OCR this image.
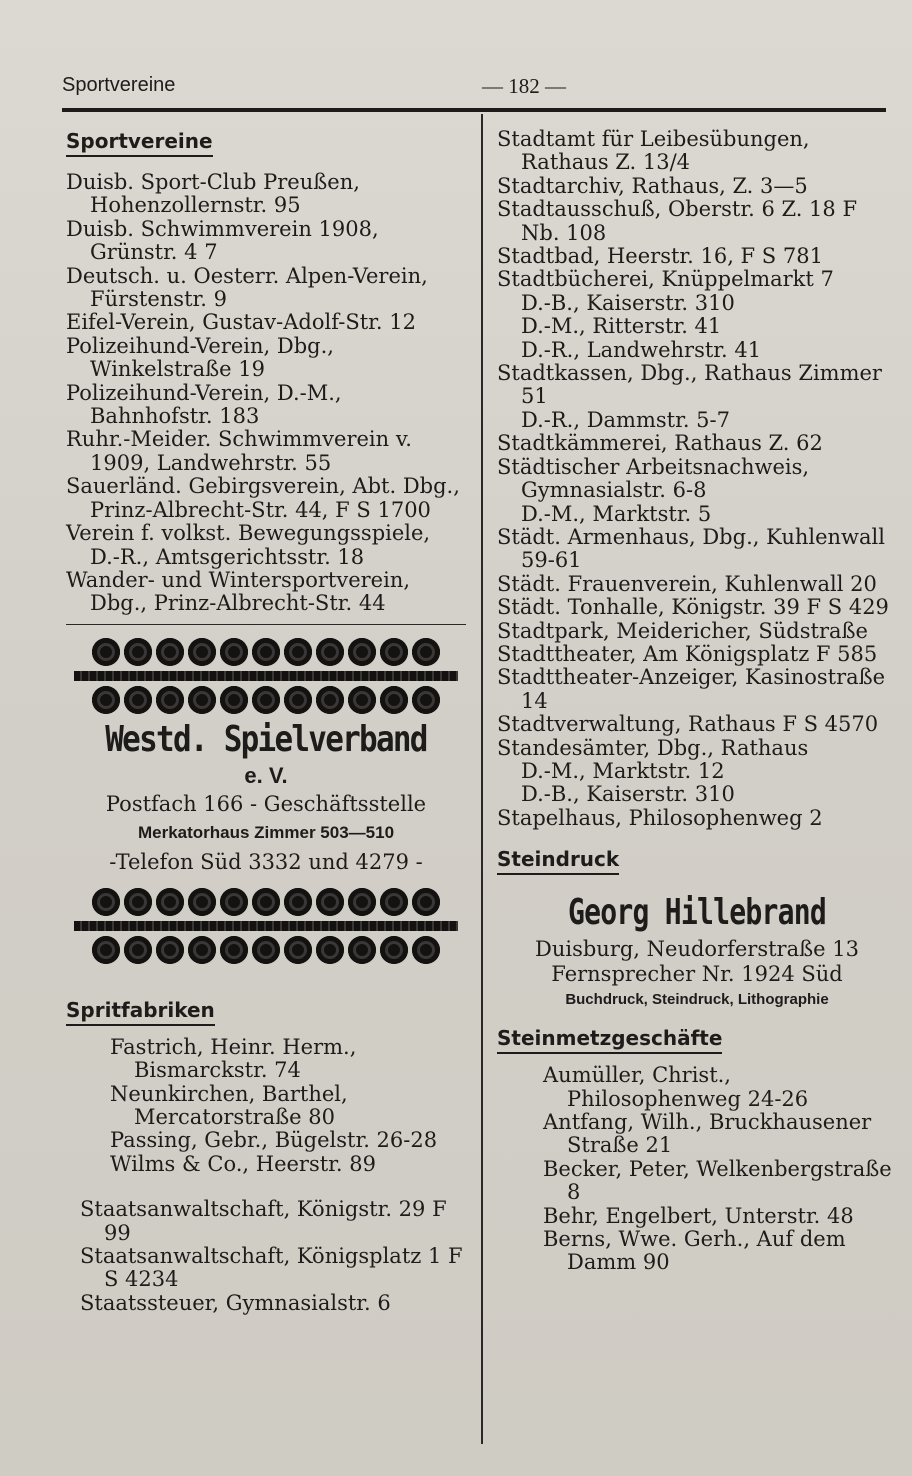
Sportvereine	— 182 —
Sportvereine
Duisb. Sport-Club Preußen, Hohenzollernstr. 95
Duisb. Schwimmverein 1908, Grünstr. 4 7
Deutsch. u. Oesterr. Alpen-Verein, Fürstenstr. 9
Eifel-Verein, Gustav-Adolf-Str. 12
Polizeihund-Verein, Dbg., Winkelstraße 19
Polizeihund-Verein, D.-M., Bahnhofstr. 183
Ruhr.-Meider. Schwimmverein v. 1909, Landwehrstr. 55
Sauerländ. Gebirgsverein, Abt. Dbg., Prinz-Albrecht-Str. 44, F S 1700
Verein f. volkst. Bewegungsspiele, D.-R., Amtsgerichtsstr. 18
Wander- und Wintersportverein, Dbg., Prinz-Albrecht-Str. 44
Westd. Spielverband
e. V.
Postfach 166 - Geschäftsstelle
Merkatorhaus Zimmer 503—510
-Telefon Süd 3332 und 4279 -
Spritfabriken
Fastrich, Heinr. Herm., Bismarckstr. 74
Neunkirchen, Barthel, Mercatorstraße 80
Passing, Gebr., Bügelstr. 26-28
Wilms & Co., Heerstr. 89
Staatsanwaltschaft, Königstr. 29 F 99
Staatsanwaltschaft, Königsplatz 1 F S 4234
Staatssteuer, Gymnasialstr. 6
Stadtamt für Leibesübungen, Rathaus Z. 13/4
Stadtarchiv, Rathaus, Z. 3—5
Stadtausschuß, Oberstr. 6 Z. 18 F Nb. 108
Stadtbad, Heerstr. 16, F S 781
Stadtbücherei, Knüppelmarkt 7
D.-B., Kaiserstr. 310
D.-M., Ritterstr. 41
D.-R., Landwehrstr. 41
Stadtkassen, Dbg., Rathaus Zimmer 51
D.-R., Dammstr. 5-7
Stadtkämmerei, Rathaus Z. 62
Städtischer Arbeitsnachweis, Gymnasialstr. 6-8
D.-M., Marktstr. 5
Städt. Armenhaus, Dbg., Kuhlenwall 59-61
Städt. Frauenverein, Kuhlenwall 20
Städt. Tonhalle, Königstr. 39 F S 429
Stadtpark, Meidericher, Südstraße
Stadttheater, Am Königsplatz F 585
Stadttheater-Anzeiger, Kasinostraße 14
Stadtverwaltung, Rathaus F S 4570
Standesämter, Dbg., Rathaus
D.-M., Marktstr. 12
D.-B., Kaiserstr. 310
Stapelhaus, Philosophenweg 2
Steindruck
Georg Hillebrand
Duisburg, Neudorferstraße 13
Fernsprecher Nr. 1924 Süd
Buchdruck, Steindruck, Lithographie
Steinmetzgeschäfte
Aumüller, Christ., Philosophenweg 24-26
Antfang, Wilh., Bruckhausener Straße 21
Becker, Peter, Welkenbergstraße 8
Behr, Engelbert, Unterstr. 48
Berns, Wwe. Gerh., Auf dem Damm 90
